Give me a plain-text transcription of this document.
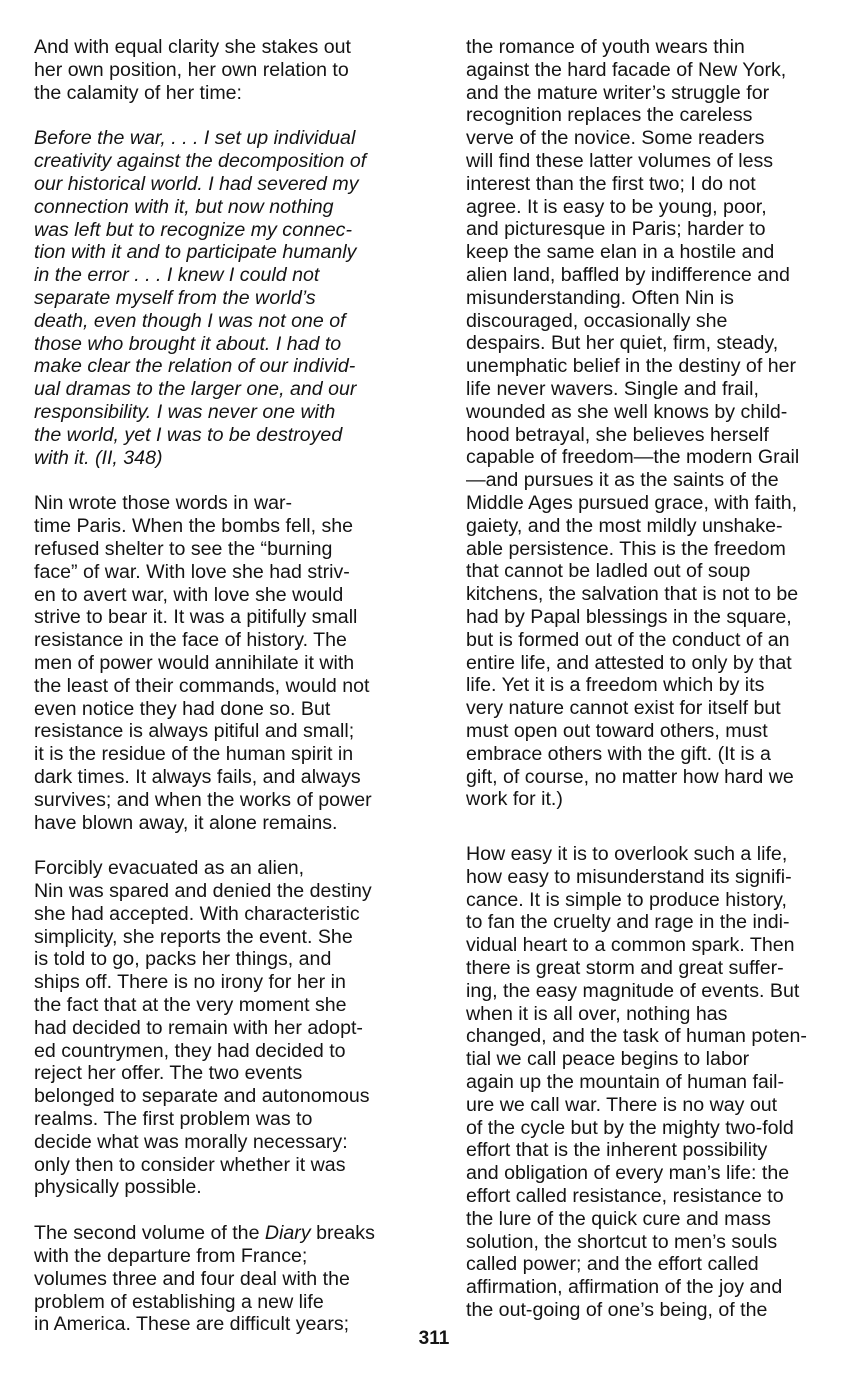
And with equal clarity she stakes out
her own position, her own relation to
the calamity of her time:
Before the war, . . . I set up individual
creativity against the decomposition of
our historical world. I had severed my
connection with it, but now nothing
was left but to recognize my connec-
tion with it and to participate humanly
in the error . . . I knew I could not
separate myself from the world’s
death, even though I was not one of
those who brought it about. I had to
make clear the relation of our individ-
ual dramas to the larger one, and our
responsibility. I was never one with
the world, yet I was to be destroyed
with it. (II, 348)
Nin wrote those words in war-
time Paris. When the bombs fell, she
refused shelter to see the “burning
face” of war. With love she had striv-
en to avert war, with love she would
strive to bear it. It was a pitifully small
resistance in the face of history. The
men of power would annihilate it with
the least of their commands, would not
even notice they had done so. But
resistance is always pitiful and small;
it is the residue of the human spirit in
dark times. It always fails, and always
survives; and when the works of power
have blown away, it alone remains.
Forcibly evacuated as an alien,
Nin was spared and denied the destiny
she had accepted. With characteristic
simplicity, she reports the event. She
is told to go, packs her things, and
ships off. There is no irony for her in
the fact that at the very moment she
had decided to remain with her adopt-
ed countrymen, they had decided to
reject her offer. The two events
belonged to separate and autonomous
realms. The first problem was to
decide what was morally necessary:
only then to consider whether it was
physically possible.
The second volume of the Diary breaks
with the departure from France;
volumes three and four deal with the
problem of establishing a new life
in America. These are difficult years;
the romance of youth wears thin
against the hard facade of New York,
and the mature writer’s struggle for
recognition replaces the careless
verve of the novice. Some readers
will find these latter volumes of less
interest than the first two; I do not
agree. It is easy to be young, poor,
and picturesque in Paris; harder to
keep the same elan in a hostile and
alien land, baffled by indifference and
misunderstanding. Often Nin is
discouraged, occasionally she
despairs. But her quiet, firm, steady,
unemphatic belief in the destiny of her
life never wavers. Single and frail,
wounded as she well knows by child-
hood betrayal, she believes herself
capable of freedom—the modern Grail
—and pursues it as the saints of the
Middle Ages pursued grace, with faith,
gaiety, and the most mildly unshake-
able persistence. This is the freedom
that cannot be ladled out of soup
kitchens, the salvation that is not to be
had by Papal blessings in the square,
but is formed out of the conduct of an
entire life, and attested to only by that
life. Yet it is a freedom which by its
very nature cannot exist for itself but
must open out toward others, must
embrace others with the gift. (It is a
gift, of course, no matter how hard we
work for it.)
How easy it is to overlook such a life,
how easy to misunderstand its signifi-
cance. It is simple to produce history,
to fan the cruelty and rage in the indi-
vidual heart to a common spark. Then
there is great storm and great suffer-
ing, the easy magnitude of events. But
when it is all over, nothing has
changed, and the task of human poten-
tial we call peace begins to labor
again up the mountain of human fail-
ure we call war. There is no way out
of the cycle but by the mighty two-fold
effort that is the inherent possibility
and obligation of every man’s life: the
effort called resistance, resistance to
the lure of the quick cure and mass
solution, the shortcut to men’s souls
called power; and the effort called
affirmation, affirmation of the joy and
the out-going of one’s being, of the
311
